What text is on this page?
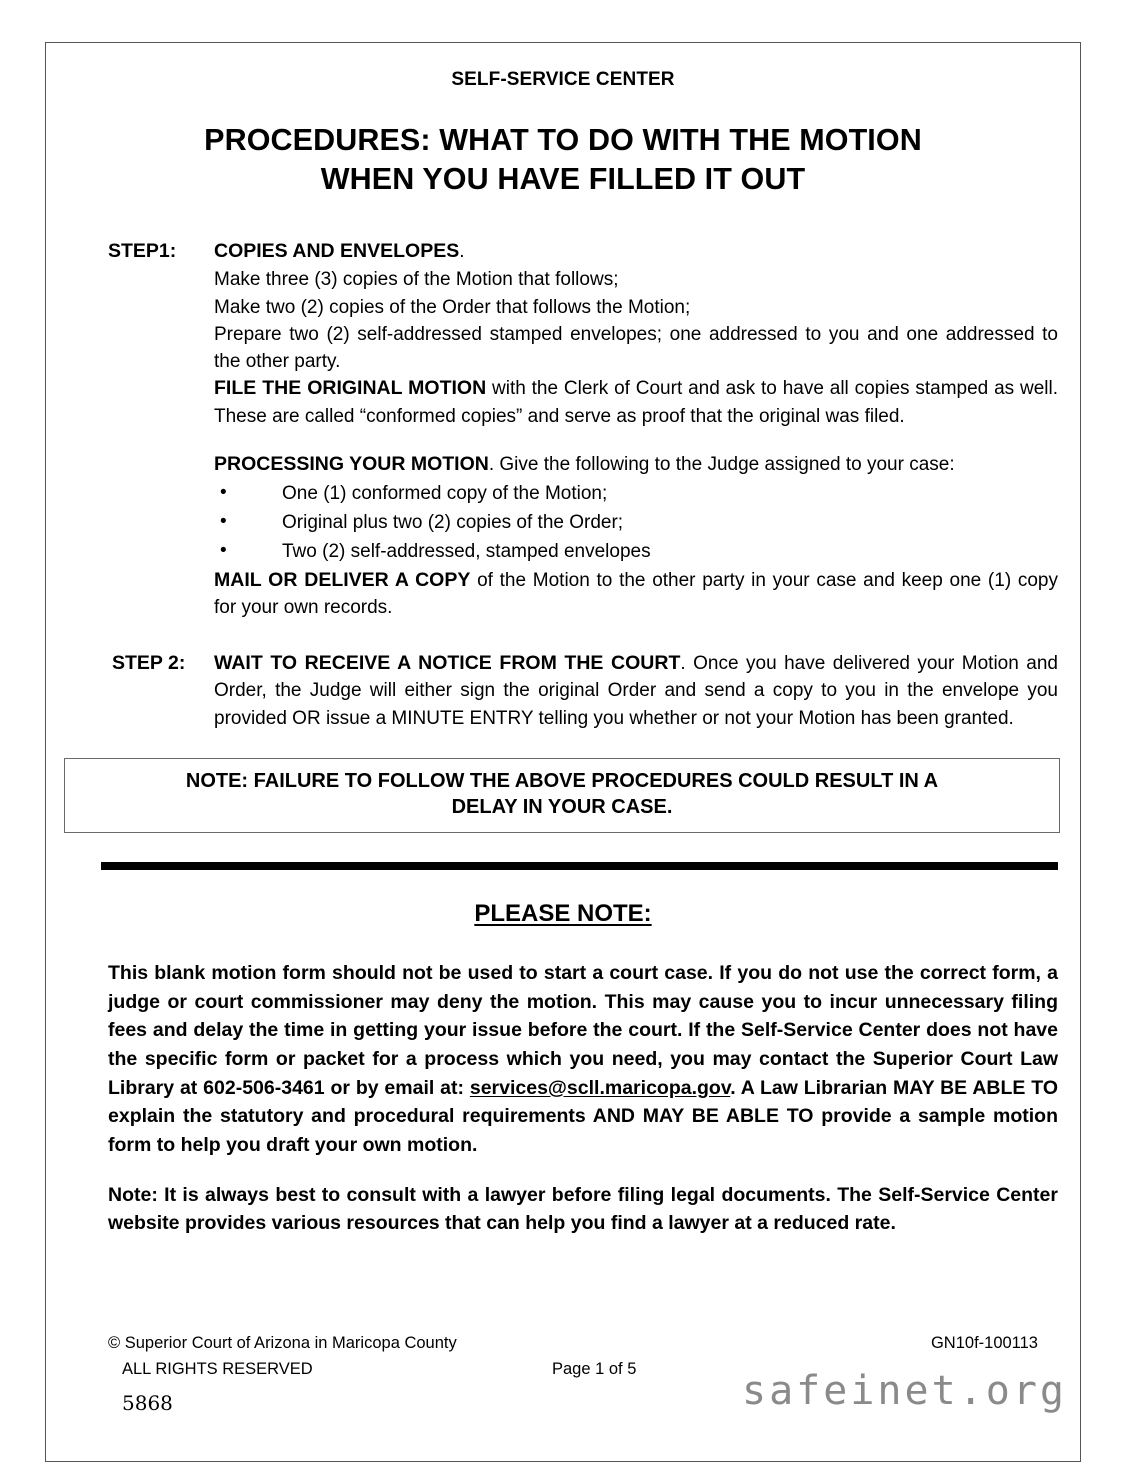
SELF-SERVICE CENTER
PROCEDURES: WHAT TO DO WITH THE MOTION
WHEN YOU HAVE FILLED IT OUT
STEP1:	COPIES AND ENVELOPES.
Make three (3) copies of the Motion that follows;
Make two (2) copies of the Order that follows the Motion;
Prepare two (2) self-addressed stamped envelopes; one addressed to you and one addressed to the other party.
FILE THE ORIGINAL MOTION with the Clerk of Court and ask to have all copies stamped as well. These are called “conformed copies” and serve as proof that the original was filed.
PROCESSING YOUR MOTION. Give the following to the Judge assigned to your case:
•	One (1) conformed copy of the Motion;
•	Original plus two (2) copies of the Order;
•	Two (2) self-addressed, stamped envelopes
MAIL OR DELIVER A COPY of the Motion to the other party in your case and keep one (1) copy for your own records.
STEP 2:	WAIT TO RECEIVE A NOTICE FROM THE COURT. Once you have delivered your Motion and Order, the Judge will either sign the original Order and send a copy to you in the envelope you provided OR issue a MINUTE ENTRY telling you whether or not your Motion has been granted.
NOTE: FAILURE TO FOLLOW THE ABOVE PROCEDURES COULD RESULT IN A
DELAY IN YOUR CASE.
PLEASE NOTE:

This blank motion form should not be used to start a court case. If you do not use the correct form, a judge or court commissioner may deny the motion. This may cause you to incur unnecessary filing fees and delay the time in getting your issue before the court. If the Self-Service Center does not have the specific form or packet for a process which you need, you may contact the Superior Court Law Library at 602-506-3461 or by email at: services@scll.maricopa.gov. A Law Librarian MAY BE ABLE TO explain the statutory and procedural requirements AND MAY BE ABLE TO provide a sample motion form to help you draft your own motion.

Note: It is always best to consult with a lawyer before filing legal documents. The Self-Service Center website provides various resources that can help you find a lawyer at a reduced rate.

© Superior Court of Arizona in Maricopa County	GN10f-100113
ALL RIGHTS RESERVED	Page 1 of 5
5868	safeinet.org
